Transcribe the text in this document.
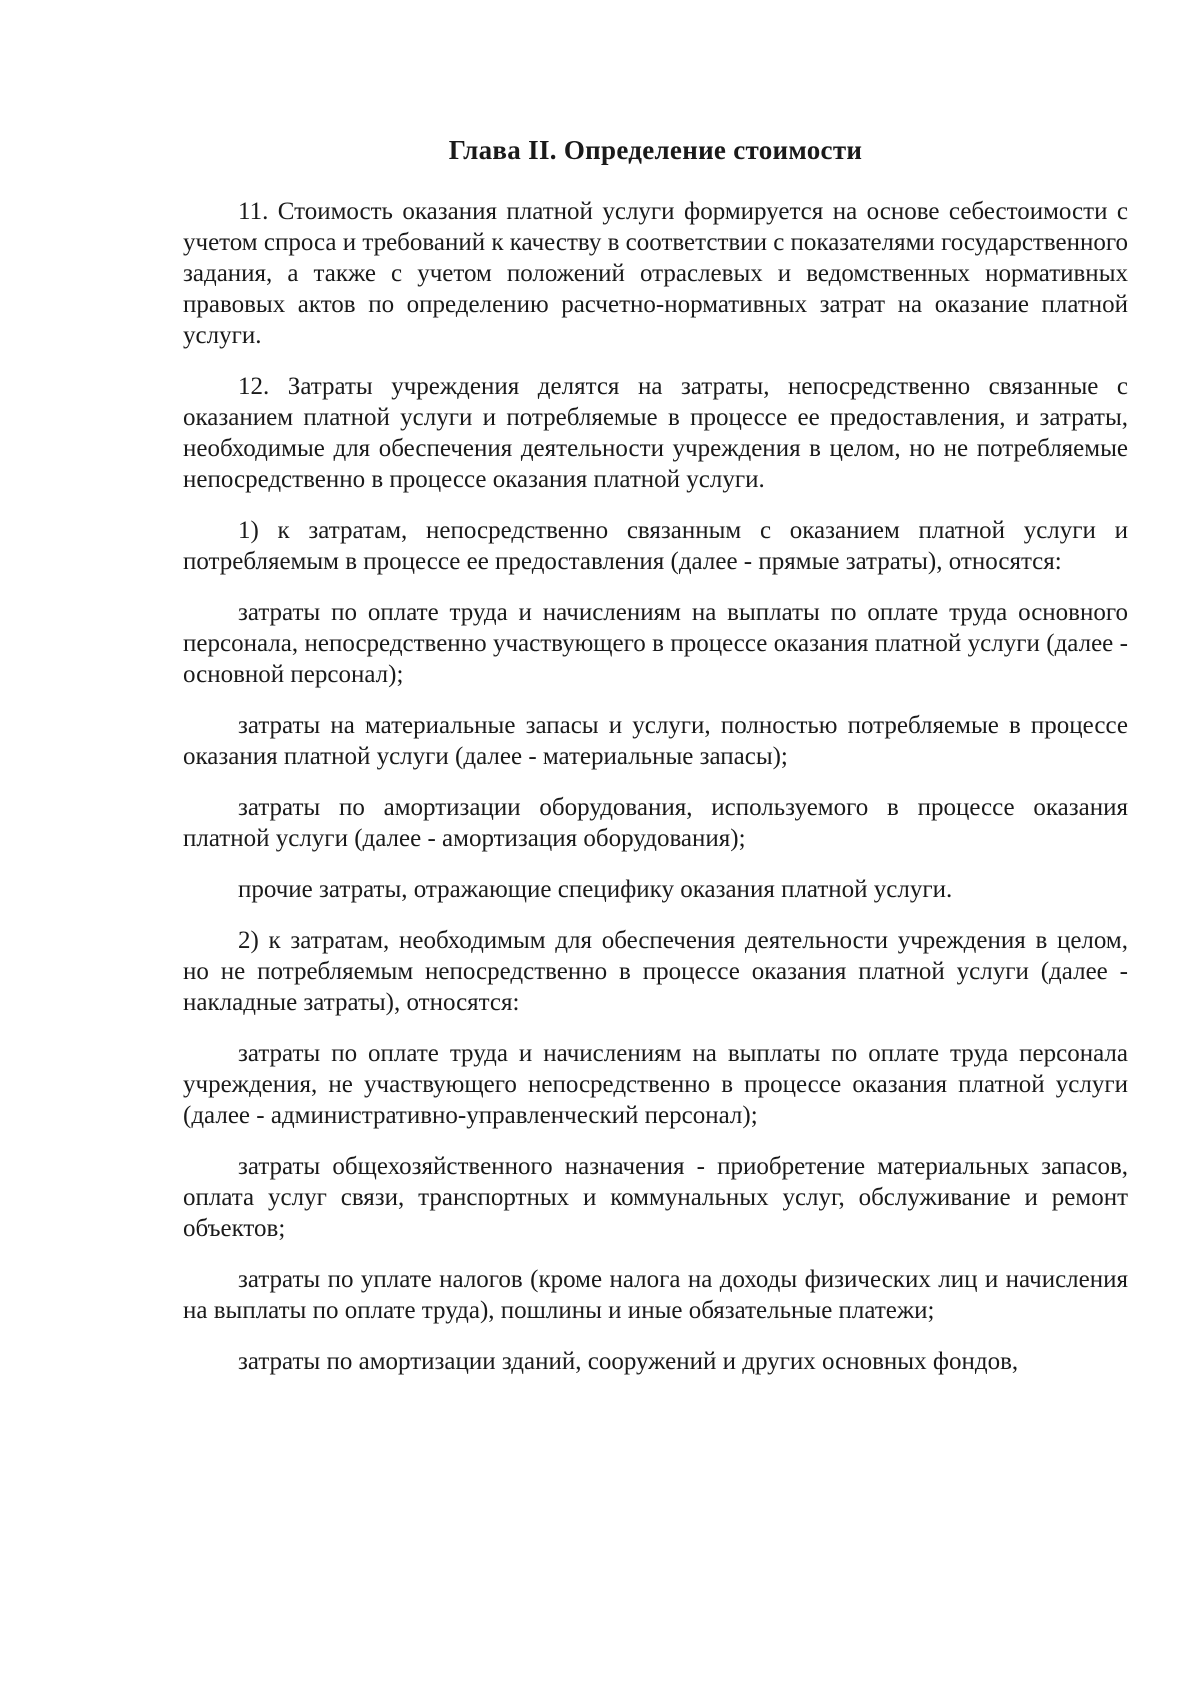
Глава II. Определение стоимости

11. Стоимость оказания платной услуги формируется на основе себестоимости с учетом спроса и требований к качеству в соответствии с показателями государственного задания, а также с учетом положений отраслевых и ведомственных нормативных правовых актов по определению расчетно-нормативных затрат на оказание платной услуги.

12. Затраты учреждения делятся на затраты, непосредственно связанные с оказанием платной услуги и потребляемые в процессе ее предоставления, и затраты, необходимые для обеспечения деятельности учреждения в целом, но не потребляемые непосредственно в процессе оказания платной услуги.

1) к затратам, непосредственно связанным с оказанием платной услуги и потребляемым в процессе ее предоставления (далее - прямые затраты), относятся:

затраты по оплате труда и начислениям на выплаты по оплате труда основного персонала, непосредственно участвующего в процессе оказания платной услуги (далее - основной персонал);

затраты на материальные запасы и услуги, полностью потребляемые в процессе оказания платной услуги (далее - материальные запасы);

затраты по амортизации оборудования, используемого в процессе оказания платной услуги (далее - амортизация оборудования);

прочие затраты, отражающие специфику оказания платной услуги.

2) к затратам, необходимым для обеспечения деятельности учреждения в целом, но не потребляемым непосредственно в процессе оказания платной услуги (далее - накладные затраты), относятся:

затраты по оплате труда и начислениям на выплаты по оплате труда персонала учреждения, не участвующего непосредственно в процессе оказания платной услуги (далее - административно-управленческий персонал);

затраты общехозяйственного назначения - приобретение материальных запасов, оплата услуг связи, транспортных и коммунальных услуг, обслуживание и ремонт объектов;

затраты по уплате налогов (кроме налога на доходы физических лиц и начисления на выплаты по оплате труда), пошлины и иные обязательные платежи;

затраты по амортизации зданий, сооружений и других основных фондов,
